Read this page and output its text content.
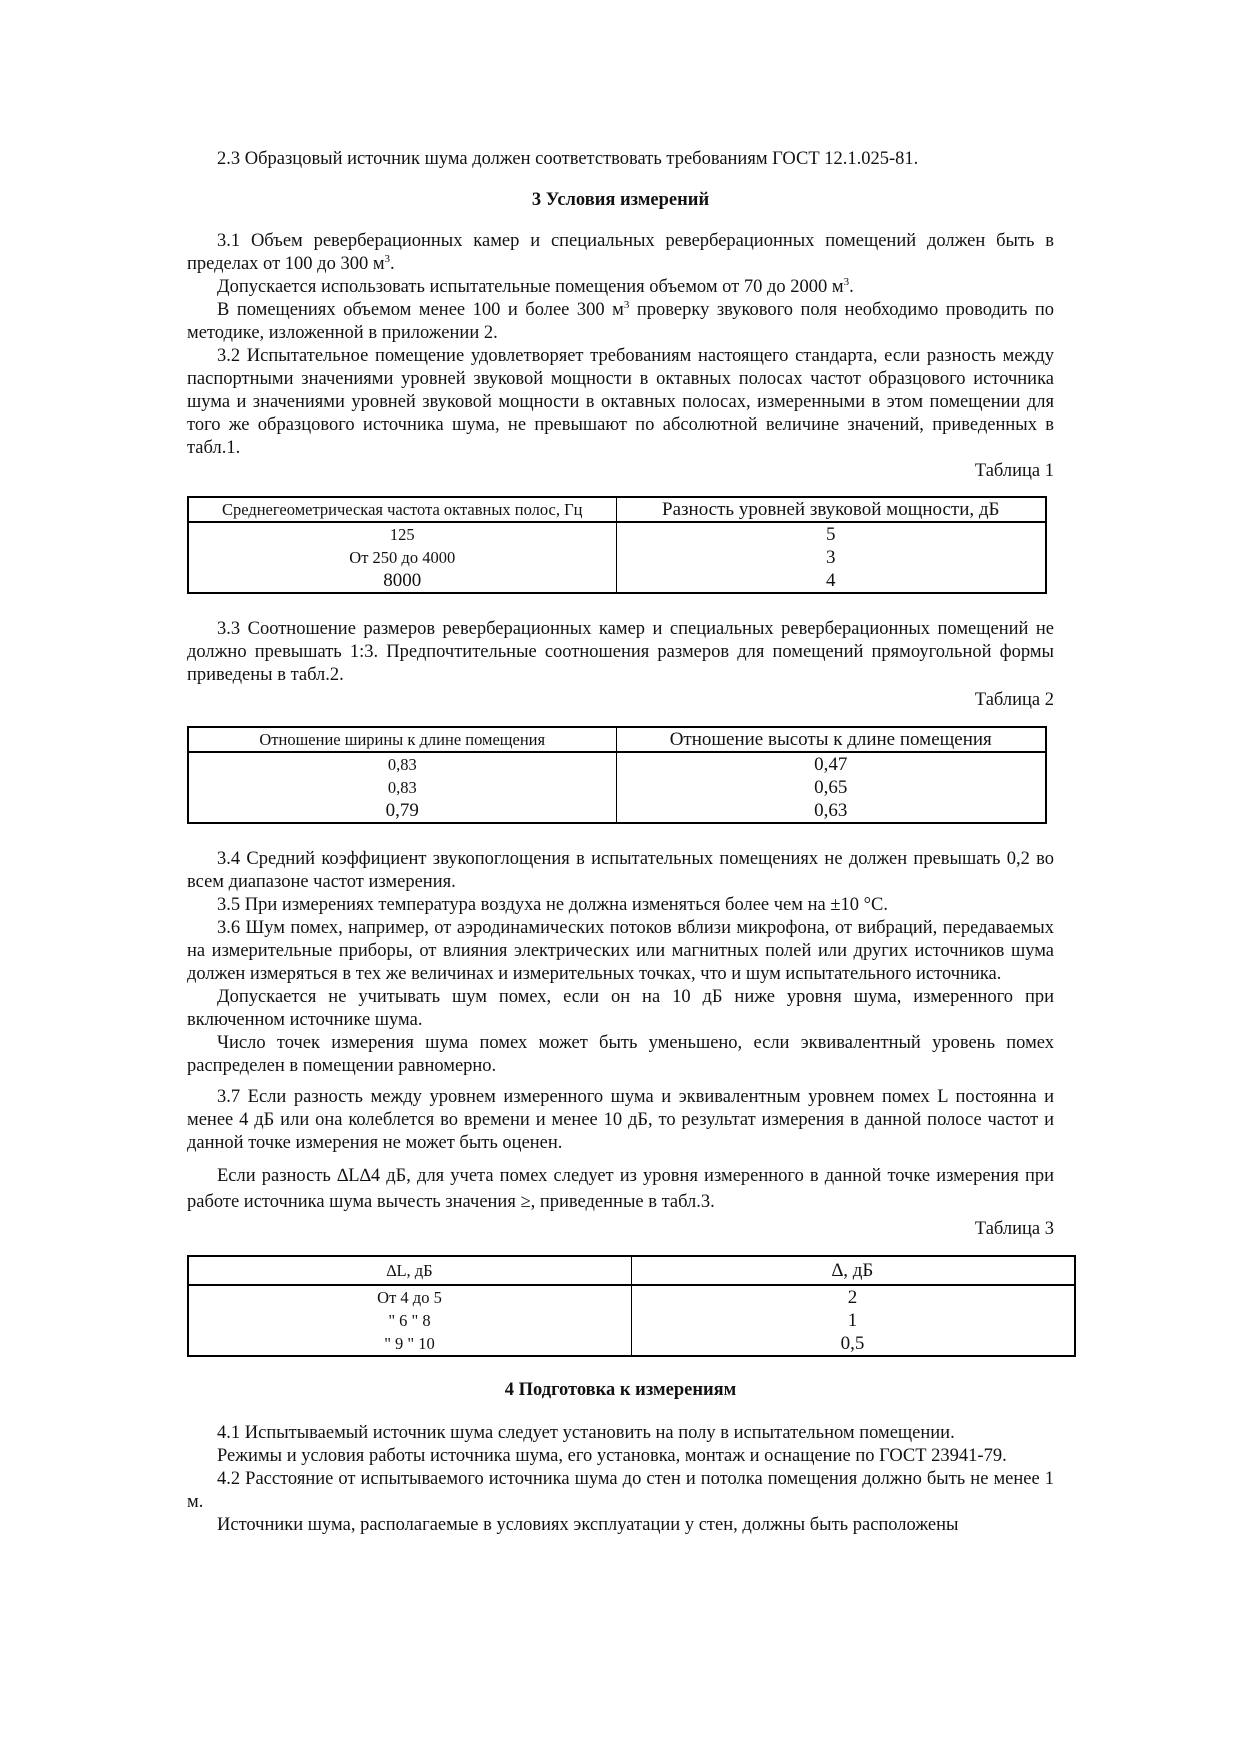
2.3 Образцовый источник шума должен соответствовать требованиям ГОСТ 12.1.025-81.

3 Условия измерений

3.1 Объем реверберационных камер и специальных реверберационных помещений должен быть в пределах от 100 до 300 $м^3$.

Допускается использовать испытательные помещения объемом от 70 до 2000 $м^3$.

В помещениях объемом менее 100 и более 300 $м^3$ проверку звукового поля необходимо проводить по методике, изложенной в приложении 2.

3.2 Испытательное помещение удовлетворяет требованиям настоящего стандарта, если разность между паспортными значениями уровней звуковой мощности в октавных полосах частот образцового источника шума и значениями уровней звуковой мощности в октавных полосах, измеренными в этом помещении для того же образцового источника шума, не превышают по абсолютной величине значений, приведенных в табл.1.

Таблица 1

Среднегеометрическая частота октавных полос, Гц	Разность уровней звуковой мощности, дБ
125	5
От 250 до 4000	3
8000	4

3.3 Соотношение размеров реверберационных камер и специальных реверберационных помещений не должно превышать 1:3. Предпочтительные соотношения размеров для помещений прямоугольной формы приведены в табл.2.

Таблица 2

Отношение ширины к длине помещения	Отношение высоты к длине помещения
0,83	0,47
0,83	0,65
0,79	0,63

3.4 Средний коэффициент звукопоглощения в испытательных помещениях не должен превышать 0,2 во всем диапазоне частот измерения.

3.5 При измерениях температура воздуха не должна изменяться более чем на ±10 °С.

3.6 Шум помех, например, от аэродинамических потоков вблизи микрофона, от вибраций, передаваемых на измерительные приборы, от влияния электрических или магнитных полей или других источников шума должен измеряться в тех же величинах и измерительных точках, что и шум испытательного источника.

Допускается не учитывать шум помех, если он на 10 дБ ниже уровня шума, измеренного при включенном источнике шума.

Число точек измерения шума помех может быть уменьшено, если эквивалентный уровень помех распределен в помещении равномерно.

3.7 Если разность между уровнем измеренного шума и эквивалентным уровнем помех L постоянна и менее 4 дБ или она колеблется во времени и менее 10 дБ, то результат измерения в данной полосе частот и данной точке измерения не может быть оценен.

Если разность ∆L∆4 дБ, для учета помех следует из уровня измеренного в данной точке измерения при работе источника шума вычесть значения ≥, приведенные в табл.3.

Таблица 3

∆L, дБ	∆, дБ
От 4 до 5	2
" 6 " 8	1
" 9 " 10	0,5
4 Подготовка к измерениям

4.1 Испытываемый источник шума следует установить на полу в испытательном помещении.

Режимы и условия работы источника шума, его установка, монтаж и оснащение по ГОСТ 23941-79.

4.2 Расстояние от испытываемого источника шума до стен и потолка помещения должно быть не менее 1 м.

Источники шума, располагаемые в условиях эксплуатации у стен, должны быть расположены
